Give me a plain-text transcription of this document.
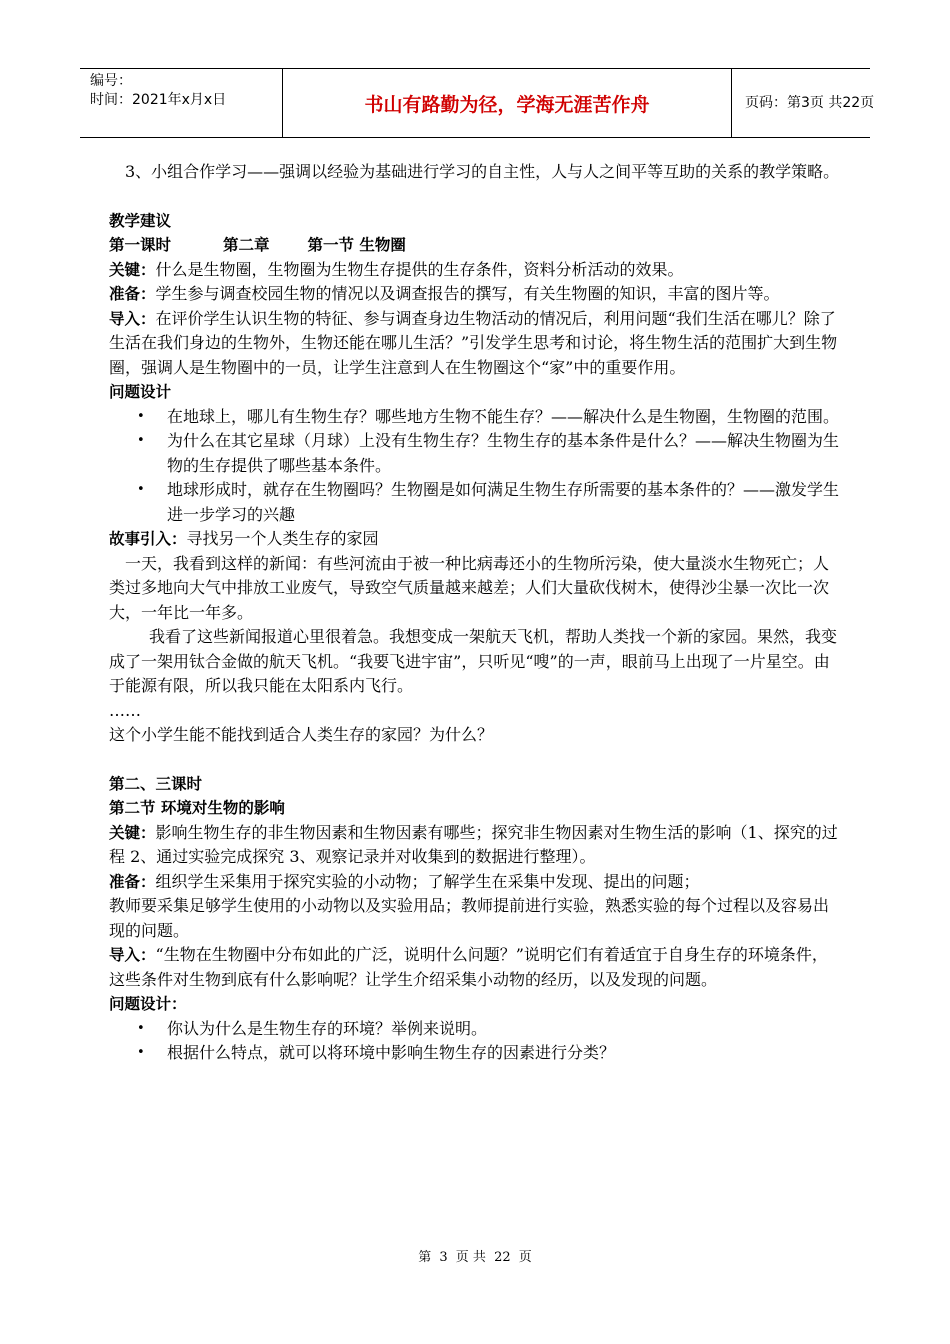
编号：
时间：2021年x月x日	书山有路勤为径，学海无涯苦作舟	页码：第3页 共22页

3、小组合作学习——强调以经验为基础进行学习的自主性，人与人之间平等互助的关系的教学策略。

教学建议

第一课时	第二章 第一节 生物圈

关键：什么是生物圈，生物圈为生物生存提供的生存条件，资料分析活动的效果。

准备：学生参与调查校园生物的情况以及调查报告的撰写，有关生物圈的知识，丰富的图片等。

导入：在评价学生认识生物的特征、参与调查身边生物活动的情况后，利用问题“我们生活在哪儿？除了生活在我们身边的生物外，生物还能在哪儿生活？”引发学生思考和讨论，将生物生活的范围扩大到生物圈，强调人是生物圈中的一员，让学生注意到人在生物圈这个“家”中的重要作用。

问题设计

• 在地球上，哪儿有生物生存？哪些地方生物不能生存？——解决什么是生物圈，生物圈的范围。
• 为什么在其它星球（月球）上没有生物生存？生物生存的基本条件是什么？——解决生物圈为生物的生存提供了哪些基本条件。
• 地球形成时，就存在生物圈吗？生物圈是如何满足生物生存所需要的基本条件的？——激发学生进一步学习的兴趣

故事引入：寻找另一个人类生存的家园

一天，我看到这样的新闻：有些河流由于被一种比病毒还小的生物所污染，使大量淡水生物死亡；人类过多地向大气中排放工业废气，导致空气质量越来越差；人们大量砍伐树木，使得沙尘暴一次比一次大，一年比一年多。

我看了这些新闻报道心里很着急。我想变成一架航天飞机，帮助人类找一个新的家园。果然，我变成了一架用钛合金做的航天飞机。“我要飞进宇宙”，只听见“嗖”的一声，眼前马上出现了一片星空。由于能源有限，所以我只能在太阳系内飞行。

……

这个小学生能不能找到适合人类生存的家园？为什么？

第二、三课时

第二节 环境对生物的影响

关键：影响生物生存的非生物因素和生物因素有哪些；探究非生物因素对生物生活的影响（1、探究的过程 2、通过实验完成探究 3、观察记录并对收集到的数据进行整理）。

准备：组织学生采集用于探究实验的小动物；了解学生在采集中发现、提出的问题；

教师要采集足够学生使用的小动物以及实验用品；教师提前进行实验，熟悉实验的每个过程以及容易出现的问题。

导入：“生物在生物圈中分布如此的广泛，说明什么问题？”说明它们有着适宜于自身生存的环境条件，这些条件对生物到底有什么影响呢？让学生介绍采集小动物的经历，以及发现的问题。

问题设计：

• 你认为什么是生物生存的环境？举例来说明。
• 根据什么特点，就可以将环境中影响生物生存的因素进行分类？
第 3 页 共 22 页
